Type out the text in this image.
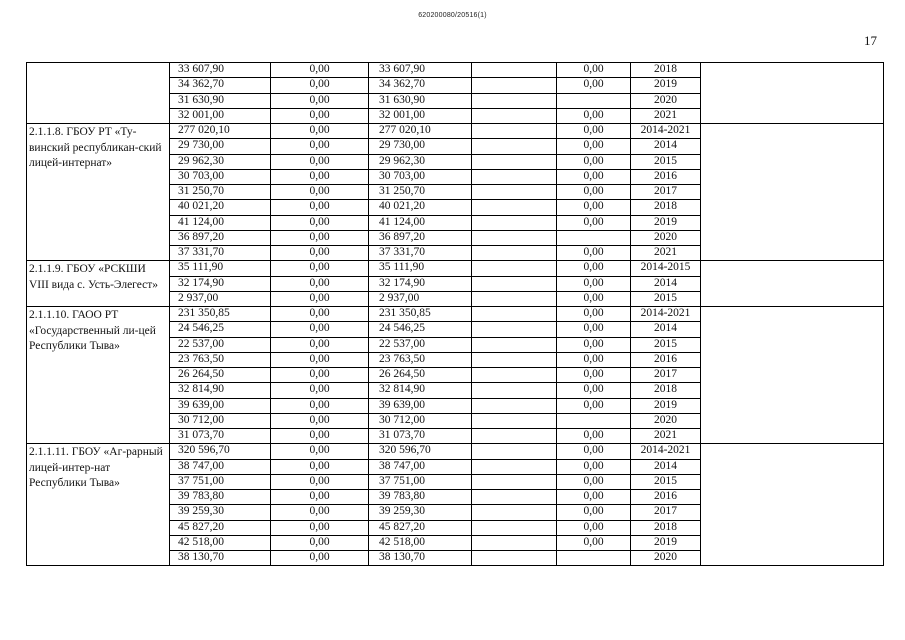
620200080/20516(1)
17
	33 607,90	0,00	33 607,90		0,00	2018	
	34 362,70	0,00	34 362,70		0,00	2019	
	31 630,90	0,00	31 630,90			2020	
	32 001,00	0,00	32 001,00		0,00	2021	
2.1.1.8. ГБОУ РТ «Ту-винский республикан-ский лицей-интернат»	277 020,10	0,00	277 020,10		0,00	2014-2021	
	29 730,00	0,00	29 730,00		0,00	2014	
	29 962,30	0,00	29 962,30		0,00	2015	
	30 703,00	0,00	30 703,00		0,00	2016	
	31 250,70	0,00	31 250,70		0,00	2017	
	40 021,20	0,00	40 021,20		0,00	2018	
	41 124,00	0,00	41 124,00		0,00	2019	
	36 897,20	0,00	36 897,20			2020	
	37 331,70	0,00	37 331,70		0,00	2021	
2.1.1.9. ГБОУ «РСКШИ VIII вида с. Усть-Элегест»	35 111,90	0,00	35 111,90		0,00	2014-2015	
	32 174,90	0,00	32 174,90		0,00	2014	
	2 937,00	0,00	2 937,00		0,00	2015	
2.1.1.10. ГАОО РТ «Государственный ли-цей Республики Тыва»	231 350,85	0,00	231 350,85		0,00	2014-2021	
	24 546,25	0,00	24 546,25		0,00	2014	
	22 537,00	0,00	22 537,00		0,00	2015	
	23 763,50	0,00	23 763,50		0,00	2016	
	26 264,50	0,00	26 264,50		0,00	2017	
	32 814,90	0,00	32 814,90		0,00	2018	
	39 639,00	0,00	39 639,00		0,00	2019	
	30 712,00	0,00	30 712,00			2020	
	31 073,70	0,00	31 073,70		0,00	2021	
2.1.1.11. ГБОУ «Аг-рарный лицей-интер-нат Республики Тыва»	320 596,70	0,00	320 596,70		0,00	2014-2021	
	38 747,00	0,00	38 747,00		0,00	2014	
	37 751,00	0,00	37 751,00		0,00	2015	
	39 783,80	0,00	39 783,80		0,00	2016	
	39 259,30	0,00	39 259,30		0,00	2017	
	45 827,20	0,00	45 827,20		0,00	2018	
	42 518,00	0,00	42 518,00		0,00	2019	
	38 130,70	0,00	38 130,70			2020	
